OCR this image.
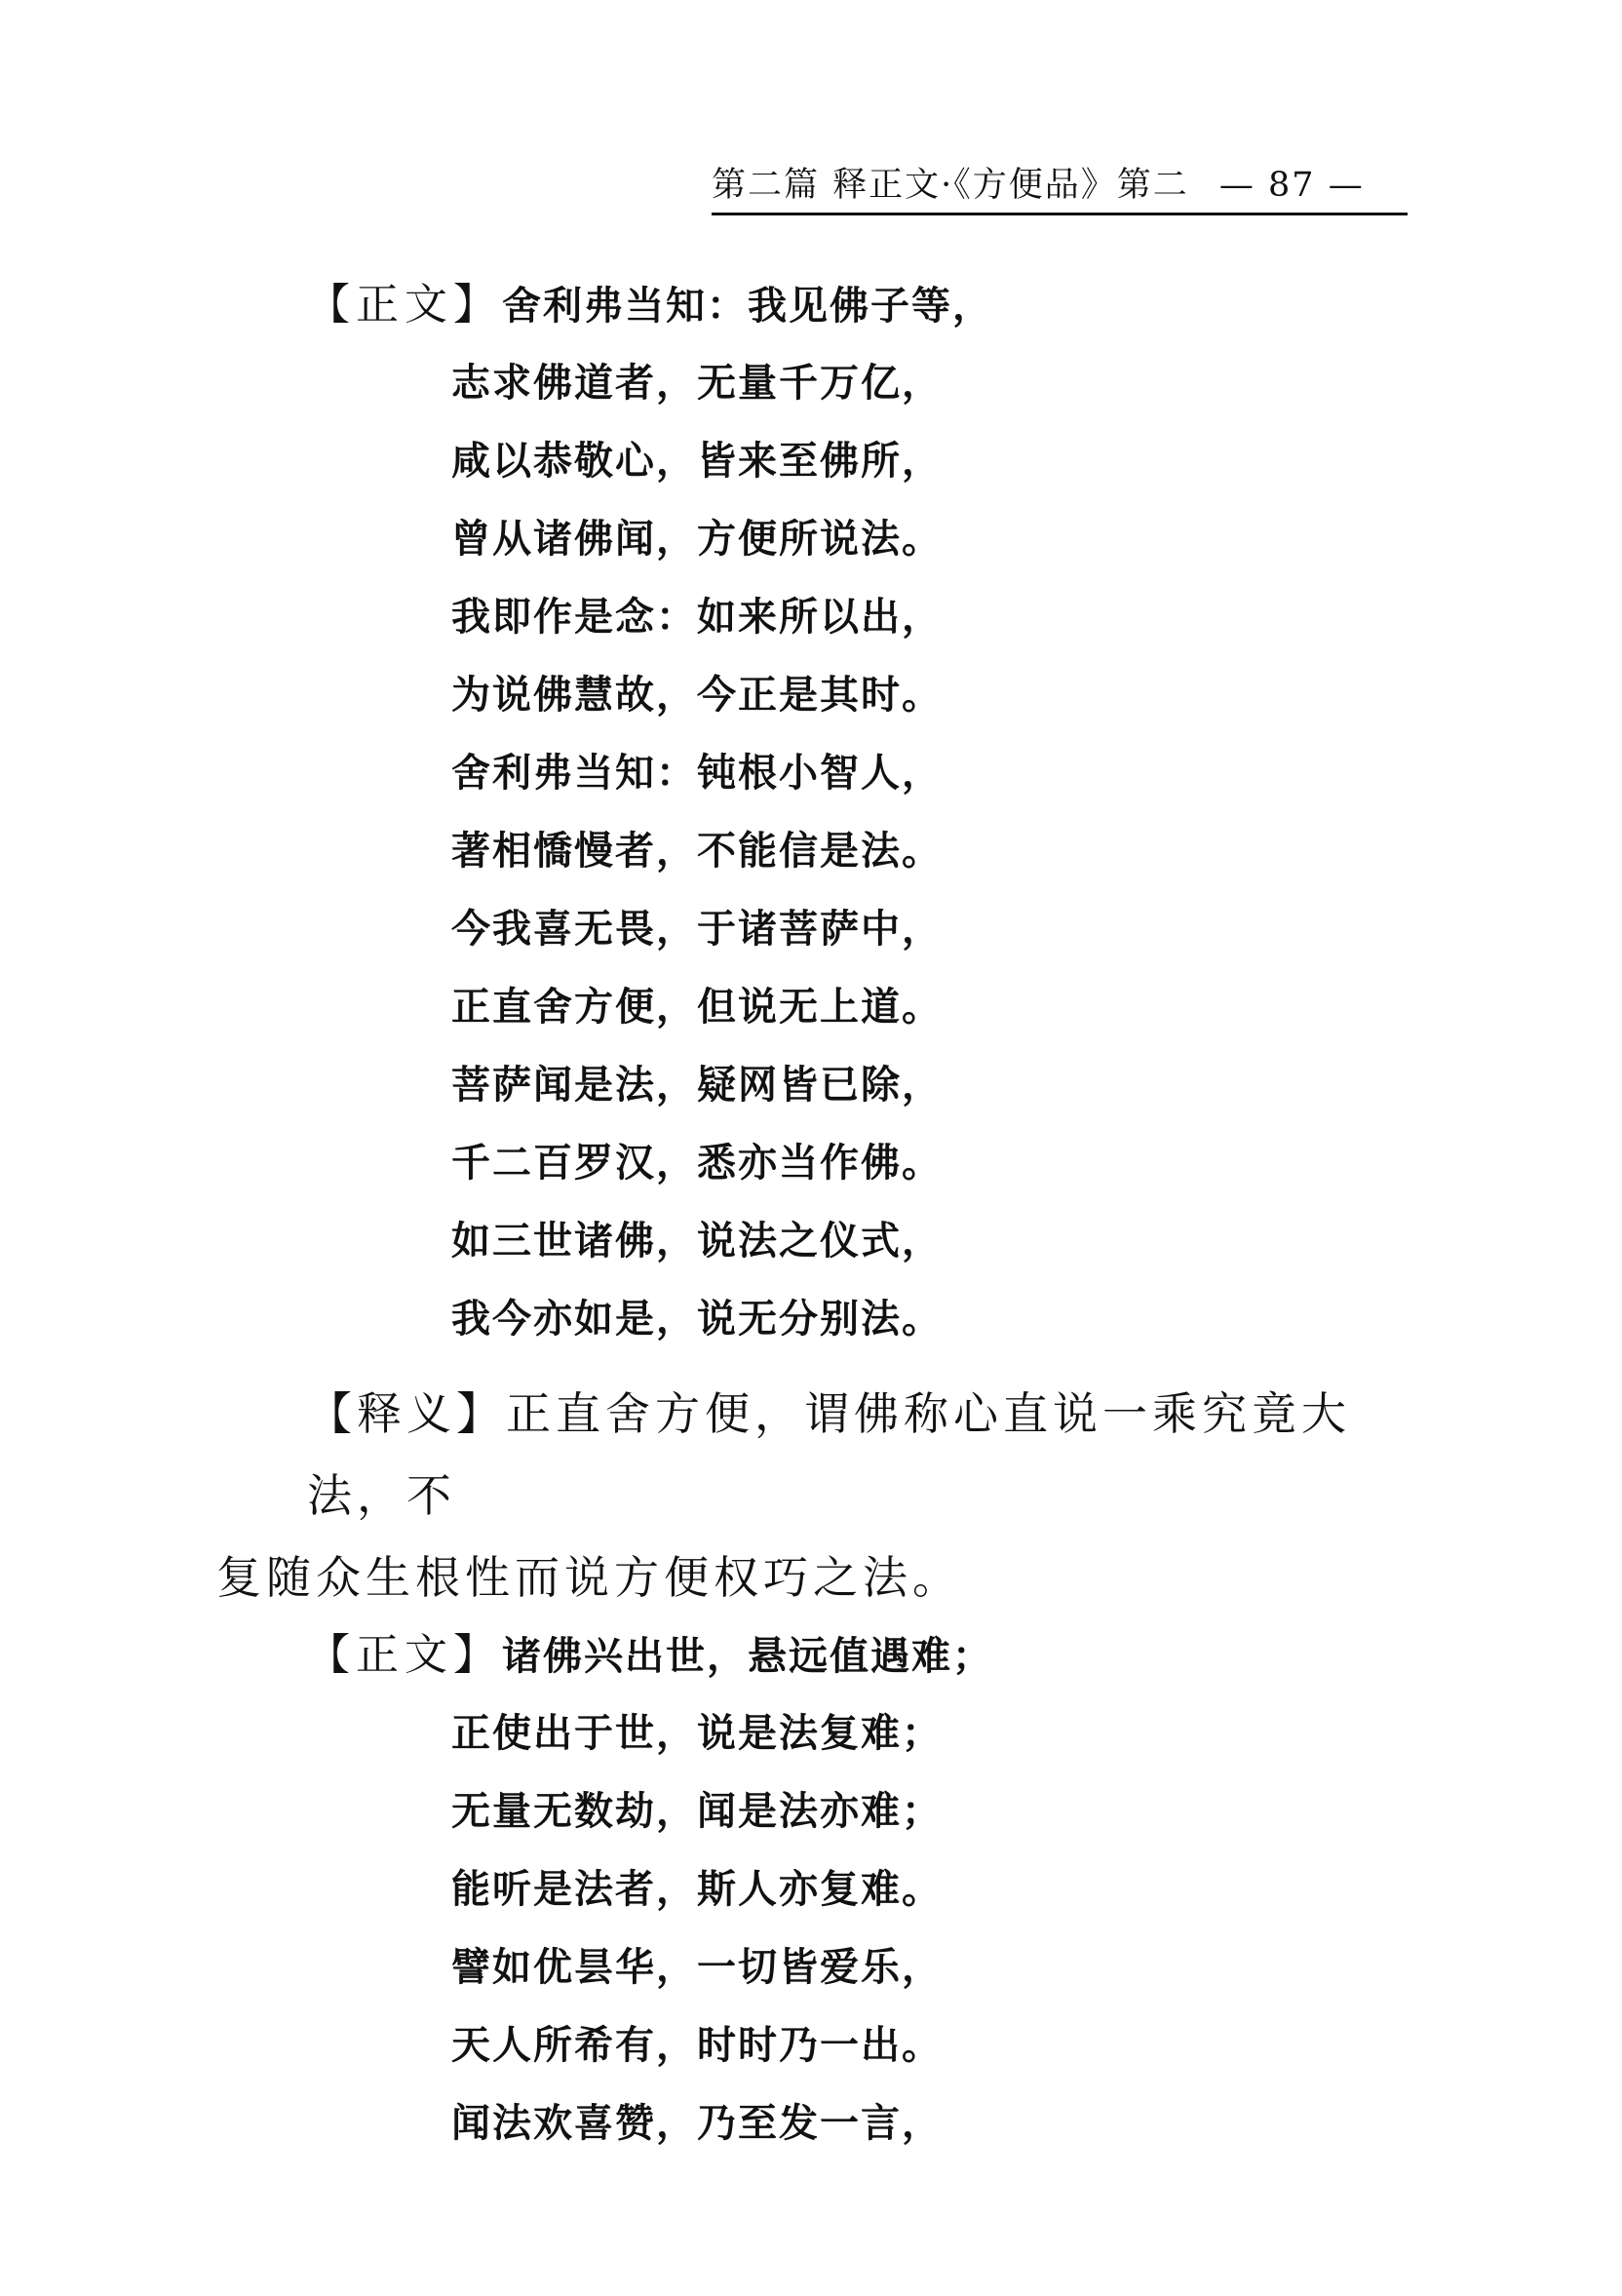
第二篇 释正文·《方便品》第二 — 87 —
【正文】舍利弗当知：我见佛子等，
志求佛道者，无量千万亿，
咸以恭敬心，皆来至佛所，
曾从诸佛闻，方便所说法。
我即作是念：如来所以出，
为说佛慧故，今正是其时。
舍利弗当知：钝根小智人，
著相憍慢者，不能信是法。
今我喜无畏，于诸菩萨中，
正直舍方便，但说无上道。
菩萨闻是法，疑网皆已除，
千二百罗汉，悉亦当作佛。
如三世诸佛，说法之仪式，
我今亦如是，说无分别法。
【释义】正直舍方便，谓佛称心直说一乘究竟大法，不
复随众生根性而说方便权巧之法。
【正文】诸佛兴出世，悬远值遇难；
正使出于世，说是法复难；
无量无数劫，闻是法亦难；
能听是法者，斯人亦复难。
譬如优昙华，一切皆爱乐，
天人所希有，时时乃一出。
闻法欢喜赞，乃至发一言，
